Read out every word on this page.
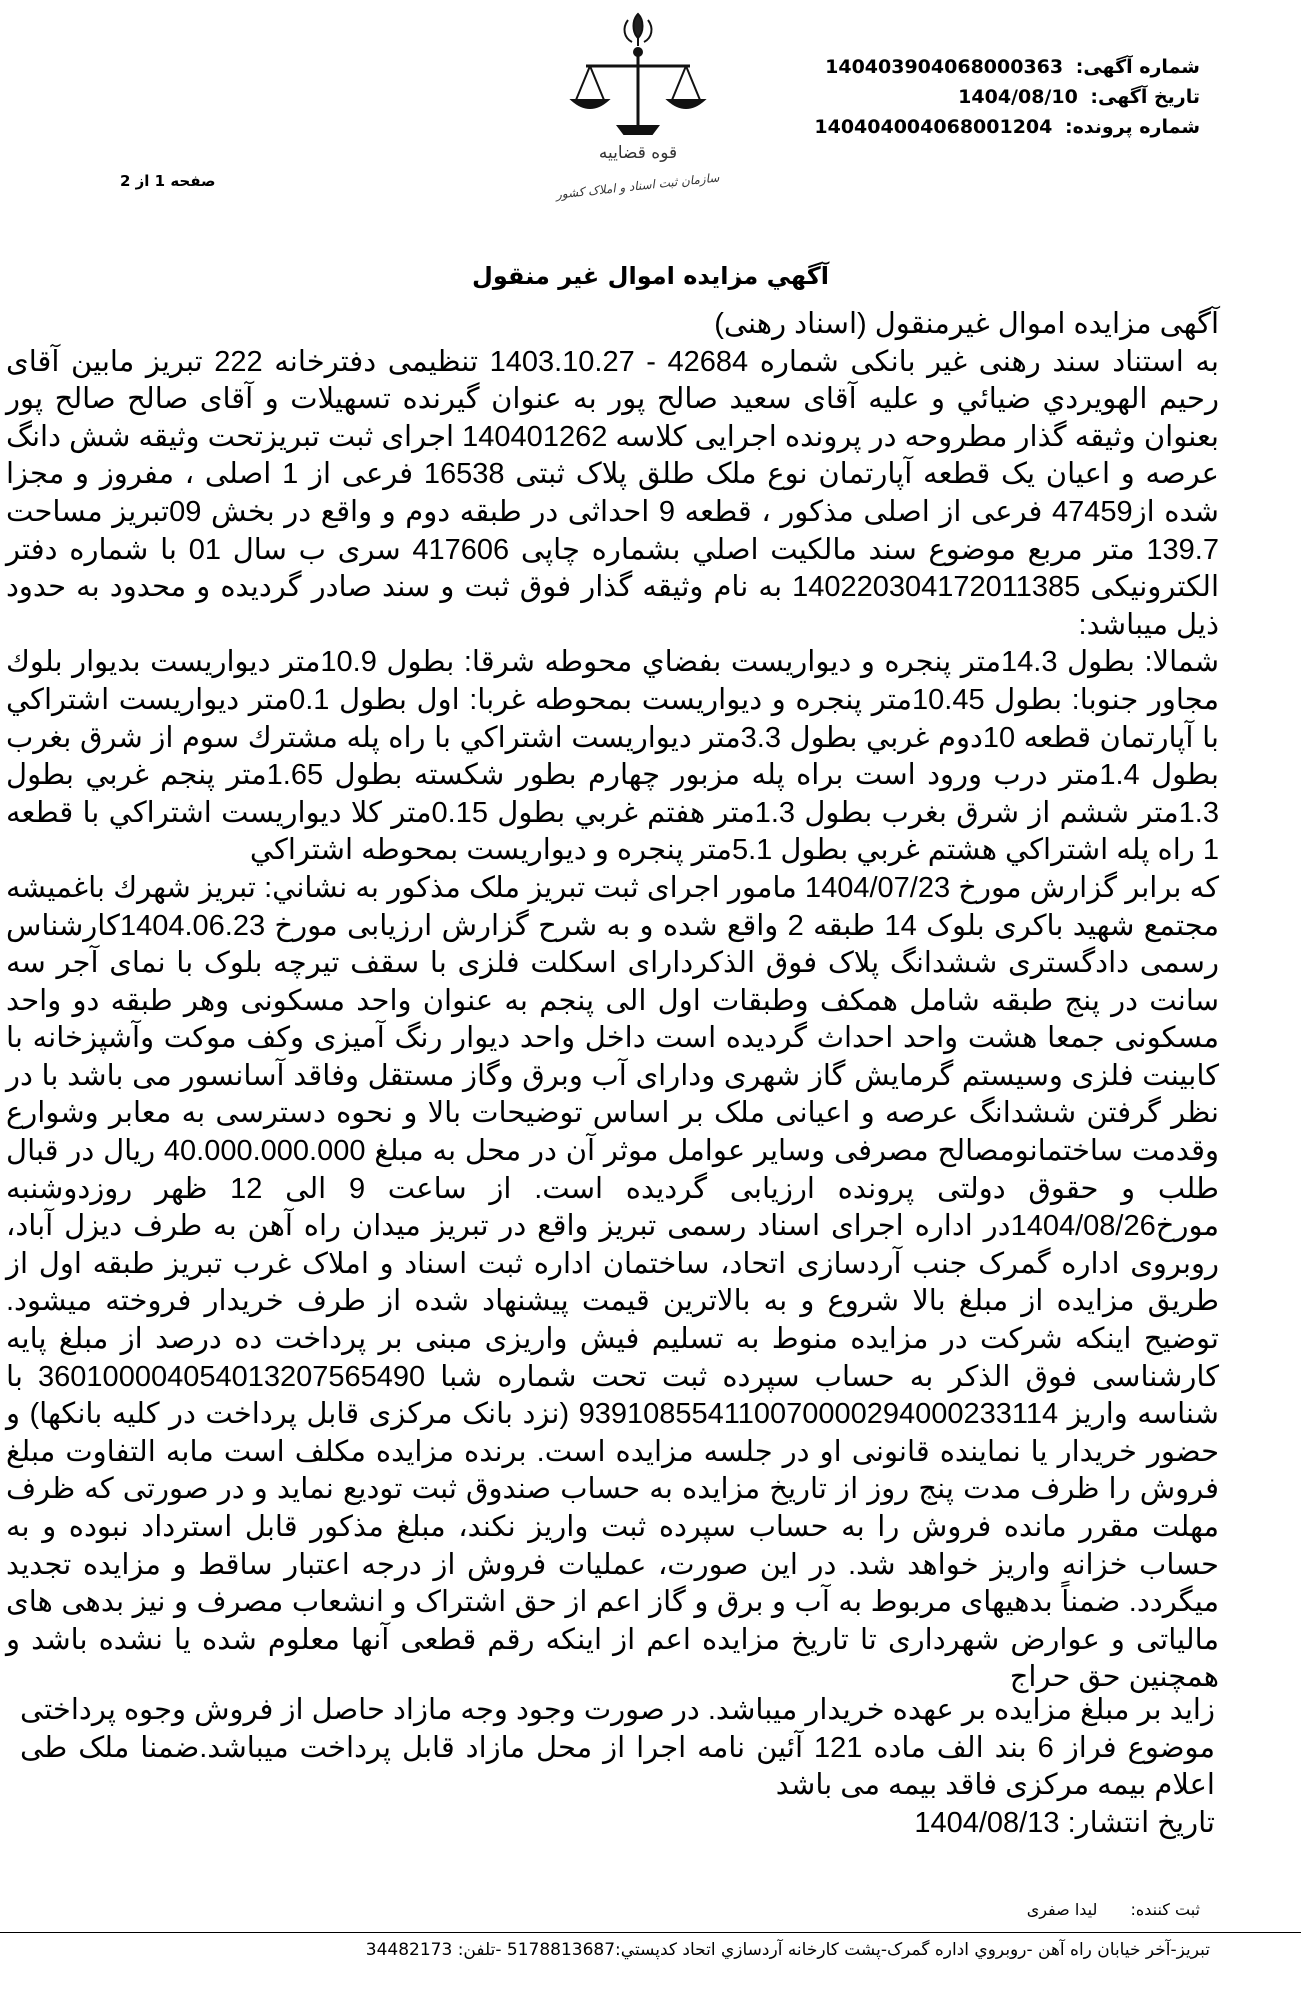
قوه قضاییه
سازمان ثبت اسناد و املاک کشور
شماره آگهی: 140403904068000363
تاریخ آگهی: 1404/08/10
شماره پرونده: 140404004068001204
صفحه 1 از 2
آگهي مزايده اموال غير منقول

آگهی مزایده اموال غیرمنقول (اسناد رهنی)

به استناد سند رهنی غیر بانکی شماره 42684 - 1403.10.27 تنظیمی دفترخانه 222 تبریز مابین آقای رحیم الهویردي ضیائي و علیه آقای سعید صالح پور به عنوان گیرنده تسهیلات و آقای صالح صالح پور بعنوان وثیقه گذار مطروحه در پرونده اجرایی کلاسه 140401262 اجرای ثبت تبریزتحت وثیقه شش دانگ عرصه و اعیان یک قطعه آپارتمان نوع ملک طلق پلاک ثبتی 16538 فرعی از 1 اصلی ، مفروز و مجزا شده از47459 فرعی از اصلی مذکور ، قطعه 9 احداثی در طبقه دوم و واقع در بخش 09تبریز مساحت 139.7 متر مربع موضوع سند مالکیت اصلي بشماره چاپی 417606 سری ب سال 01 با شماره دفتر الکترونیکی 140220304172011385 به نام وثیقه گذار فوق ثبت و سند صادر گردیده و محدود به حدود ذیل میباشد:

شمالا: بطول 14.3متر پنجره و دیواریست بفضاي محوطه شرقا: بطول 10.9متر دیواریست بدیوار بلوك مجاور جنوبا: بطول 10.45متر پنجره و دیواریست بمحوطه غربا: اول بطول 0.1متر دیواریست اشتراکي با آپارتمان قطعه 10دوم غربي بطول 3.3متر دیواریست اشتراکي با راه پله مشترك سوم از شرق بغرب بطول 1.4متر درب ورود است براه پله مزبور چهارم بطور شکسته بطول 1.65متر پنجم غربي بطول 1.3متر ششم از شرق بغرب بطول 1.3متر هفتم غربي بطول 0.15متر کلا دیواریست اشتراکي با قطعه 1 راه پله اشتراکي هشتم غربي بطول 5.1متر پنجره و دیواریست بمحوطه اشتراکي

که برابر گزارش مورخ 1404/07/23 مامور اجرای ثبت تبریز ملک مذکور به نشاني: تبریز شهرك باغمیشه مجتمع شهید باکری بلوک 14 طبقه 2 واقع شده و به شرح گزارش ارزیابی مورخ 1404.06.23کارشناس رسمی دادگستری ششدانگ پلاک فوق الذکردارای اسکلت فلزی با سقف تیرچه بلوک با نمای آجر سه سانت در پنج طبقه شامل همکف وطبقات اول الی پنجم به عنوان واحد مسکونی وهر طبقه دو واحد مسکونی جمعا هشت واحد احداث گردیده است داخل واحد دیوار رنگ آمیزی وکف موکت وآشپزخانه با کابینت فلزی وسیستم گرمایش گاز شهری ودارای آب وبرق وگاز مستقل وفاقد آسانسور می باشد با در نظر گرفتن ششدانگ عرصه و اعیانی ملک بر اساس توضیحات بالا و نحوه دسترسی به معابر وشوارع وقدمت ساختمانومصالح مصرفی وسایر عوامل موثر آن در محل به مبلغ 40.000.000.000 ریال در قبال طلب و حقوق دولتی پرونده ارزیابی گردیده است. از ساعت 9 الی 12 ظهر روزدوشنبه مورخ1404/08/26در اداره اجرای اسناد رسمی تبریز واقع در تبریز میدان راه آهن به طرف دیزل آباد، روبروی اداره گمرک جنب آردسازی اتحاد، ساختمان اداره ثبت اسناد و املاک غرب تبریز طبقه اول از طریق مزایده از مبلغ بالا شروع و به بالاترین قیمت پیشنهاد شده از طرف خریدار فروخته میشود. توضیح اینکه شرکت در مزایده منوط به تسلیم فیش واریزی مبنی بر پرداخت ده درصد از مبلغ پایه کارشناسی فوق الذکر به حساب سپرده ثبت تحت شماره شبا 360100004054013207565490 با شناسه واریز 939108554110070000294000233114 (نزد بانک مرکزی قابل پرداخت در کلیه بانکها) و حضور خریدار یا نماینده قانونی او در جلسه مزایده است. برنده مزایده مکلف است مابه التفاوت مبلغ فروش را ظرف مدت پنج روز از تاریخ مزایده به حساب صندوق ثبت تودیع نماید و در صورتی که ظرف مهلت مقرر مانده فروش را به حساب سپرده ثبت واریز نکند، مبلغ مذکور قابل استرداد نبوده و به حساب خزانه واریز خواهد شد. در این صورت، عملیات فروش از درجه اعتبار ساقط و مزایده تجدید میگردد. ضمناً بدهیهای مربوط به آب و برق و گاز اعم از حق اشتراک و انشعاب مصرف و نیز بدهی های مالیاتی و عوارض شهرداری تا تاریخ مزایده اعم از اینکه رقم قطعی آنها معلوم شده یا نشده باشد و همچنین حق حراج

زاید بر مبلغ مزایده بر عهده خریدار میباشد. در صورت وجود وجه مازاد حاصل از فروش وجوه پرداختی موضوع فراز 6 بند الف ماده 121 آئین نامه اجرا از محل مازاد قابل پرداخت میباشد.ضمنا ملک طی اعلام بیمه مرکزی فاقد بیمه می باشد

تاریخ انتشار: 1404/08/13

ثبت کننده: لیدا صفری
تبریز-آخر خیابان راه آهن -روبروي اداره گمرک-پشت کارخانه آردسازي اتحاد کدپستي:5178813687 -تلفن: 34482173
